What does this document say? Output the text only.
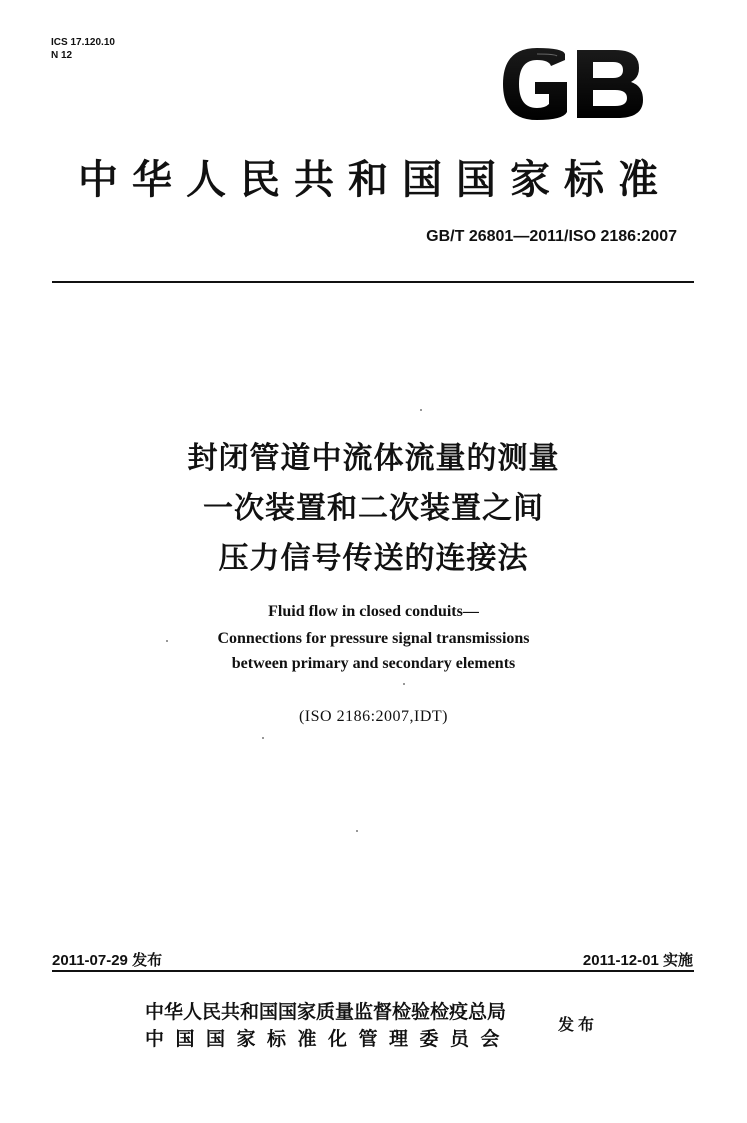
ICS 17.120.10
N 12
中华人民共和国国家标准
GB/T 26801—2011/ISO 2186:2007
封闭管道中流体流量的测量
一次装置和二次装置之间
压力信号传送的连接法
Fluid flow in closed conduits—
Connections for pressure signal transmissions
between primary and secondary elements
(ISO 2186:2007,IDT)
2011-07-29 发布	2011-12-01 实施
中华人民共和国国家质量监督检验检疫总局
中国国家标准化管理委员会
发布
